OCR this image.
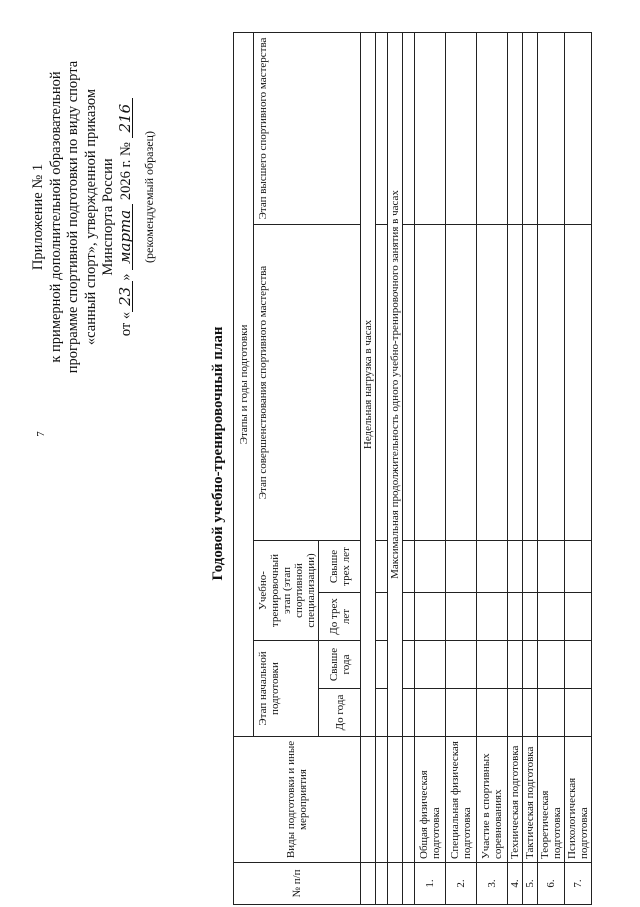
7
Приложение № 1 к примерной дополнительной образовательной программе спортивной подготовки по виду спорта «санный спорт», утвержденной приказом Минспорта России
от «23» марта 2026 г. № 216
(рекомендуемый образец)
Годовой учебно-тренировочный план
№ п/п	Виды подготовки и иные мероприятия	Этапы и годы подготовки					
		Этап начальной подготовки		Учебно-тренировочный этап (этап спортивной специализации)		Этап совершенствования спортивного мастерства	Этап высшего спортивного мастерства
		До года	Свыше года	До трех лет	Свыше трех лет		
		Недельная нагрузка в часах					

		Максимальная продолжительность одного учебно-тренировочного занятия в часах					

1.	Общая физическая подготовка						
2.	Специальная физическая подготовка						
3.	Участие в спортивных соревнованиях						
4.	Техническая подготовка						
5.	Тактическая подготовка						
6.	Теоретическая подготовка						
7.	Психологическая подготовка						
